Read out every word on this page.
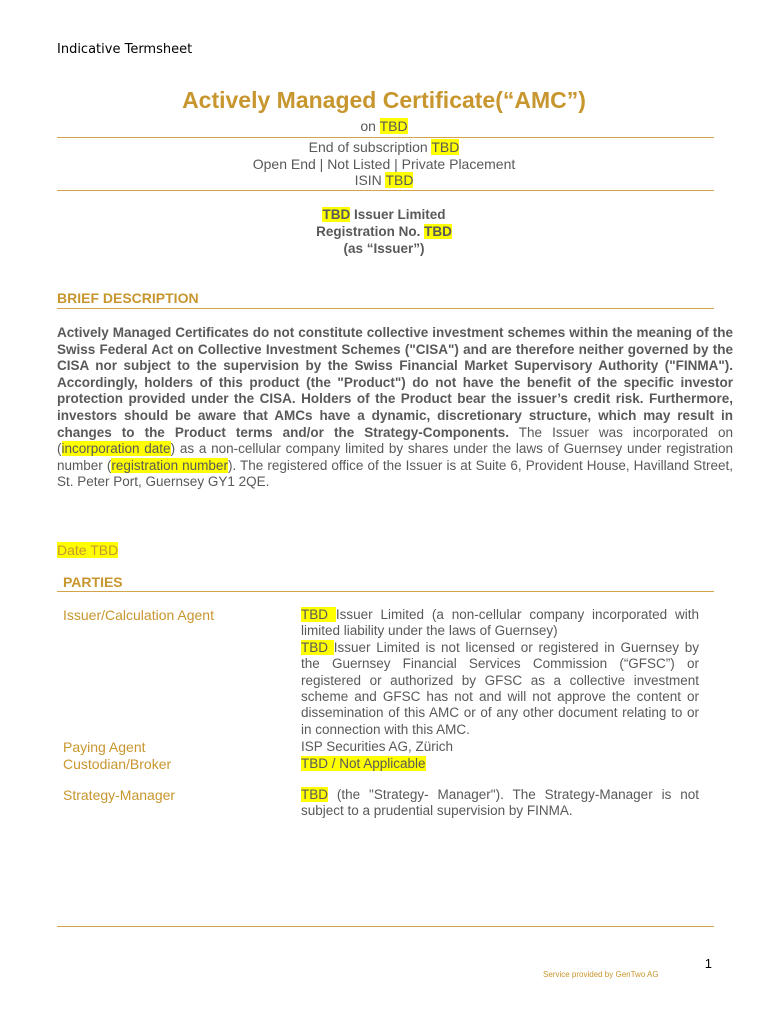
Indicative Termsheet
Actively Managed Certificate(“AMC”)
on TBD
End of subscription TBD
Open End | Not Listed | Private Placement
ISIN TBD
TBD Issuer Limited
Registration No. TBD
(as “Issuer”)
BRIEF DESCRIPTION
Actively Managed Certificates do not constitute collective investment schemes within the meaning of the Swiss Federal Act on Collective Investment Schemes ("CISA") and are therefore neither governed by the CISA nor subject to the supervision by the Swiss Financial Market Supervisory Authority ("FINMA"). Accordingly, holders of this product (the "Product") do not have the benefit of the specific investor protection provided under the CISA. Holders of the Product bear the issuer’s credit risk. Furthermore, investors should be aware that AMCs have a dynamic, discretionary structure, which may result in changes to the Product terms and/or the Strategy-Components. The Issuer was incorporated on (incorporation date) as a non-cellular company limited by shares under the laws of Guernsey under registration number (registration number). The registered office of the Issuer is at Suite 6, Provident House, Havilland Street, St. Peter Port, Guernsey GY1 2QE.
Date TBD
PARTIES
Issuer/Calculation Agent	TBD Issuer Limited (a non-cellular company incorporated with limited liability under the laws of Guernsey)
TBD Issuer Limited is not licensed or registered in Guernsey by the Guernsey Financial Services Commission (“GFSC”) or registered or authorized by GFSC as a collective investment scheme and GFSC has not and will not approve the content or dissemination of this AMC or of any other document relating to or in connection with this AMC.
Paying Agent	ISP Securities AG, Zürich
Custodian/Broker	TBD / Not Applicable
Strategy-Manager	TBD (the "Strategy- Manager"). The Strategy-Manager is not subject to a prudential supervision by FINMA.
1
Service provided by GenTwo AG
